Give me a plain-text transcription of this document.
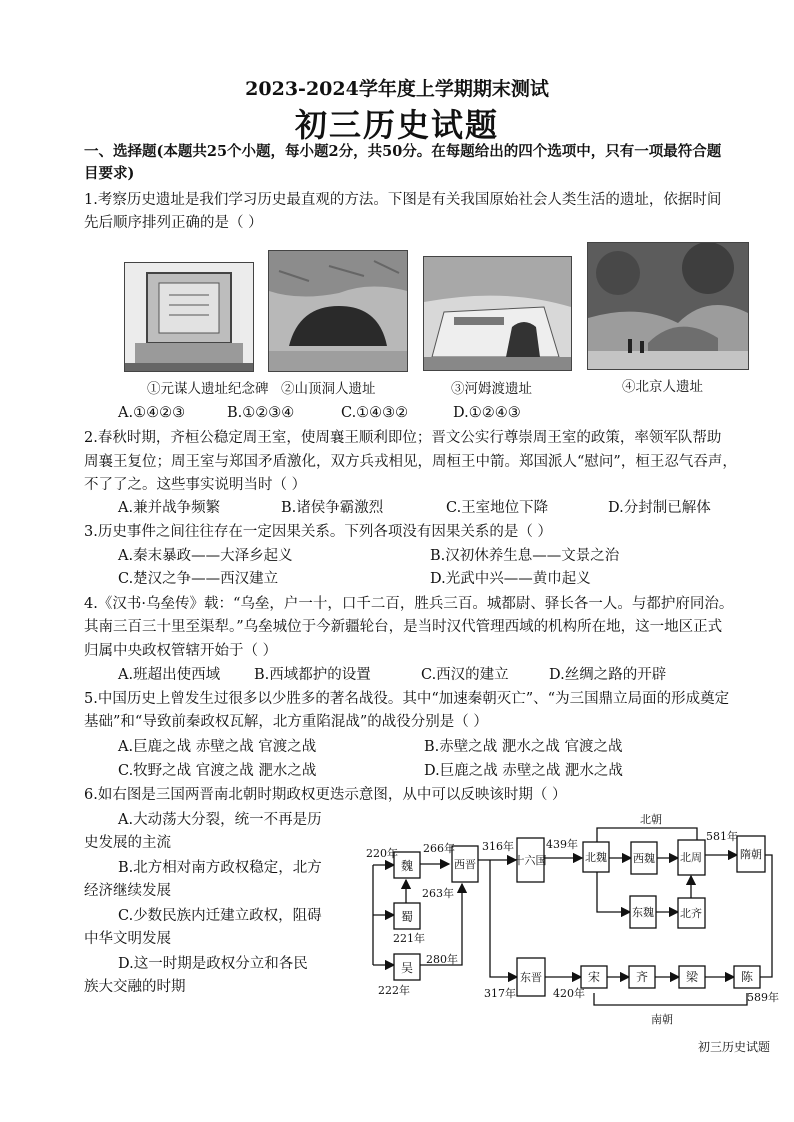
2023-2024学年度上学期期末测试
初三历史试题
一、选择题(本题共25个小题，每小题2分，共50分。在每题给出的四个选项中，只有一项最符合题
目要求)
1.考察历史遗址是我们学习历史最直观的方法。下图是有关我国原始社会人类生活的遗址，依据时间
先后顺序排列正确的是（ ）
①元谋人遗址纪念碑 ②山顶洞人遗址	③河姆渡遗址	④北京人遗址
A.①④②③	B.①②③④	C.①④③②	D.①②④③
2.春秋时期，齐桓公稳定周王室，使周襄王顺利即位；晋文公实行尊崇周王室的政策，率领军队帮助
周襄王复位；周王室与郑国矛盾激化，双方兵戎相见，周桓王中箭。郑国派人“慰问”，桓王忍气吞声，
不了了之。这些事实说明当时（ ）
A.兼并战争频繁	B.诸侯争霸激烈	C.王室地位下降	D.分封制已解体
3.历史事件之间往往存在一定因果关系。下列各项没有因果关系的是（ ）
A.秦末暴政——大泽乡起义	B.汉初休养生息——文景之治
C.楚汉之争——西汉建立	D.光武中兴——黄巾起义
4.《汉书·乌垒传》载：“乌垒，户一十，口千二百，胜兵三百。城都尉、驿长各一人。与都护府同治。
其南三百三十里至渠犁。”乌垒城位于今新疆轮台，是当时汉代管理西域的机构所在地，这一地区正式
归属中央政权管辖开始于（ ）
A.班超出使西域 B.西域都护的设置	C.西汉的建立	D.丝绸之路的开辟
5.中国历史上曾发生过很多以少胜多的著名战役。其中“加速秦朝灭亡”、“为三国鼎立局面的形成奠定
基础”和“导致前秦政权瓦解，北方重陷混战”的战役分别是（ ）
A.巨鹿之战 赤壁之战 官渡之战	B.赤壁之战 淝水之战 官渡之战
C.牧野之战 官渡之战 淝水之战	D.巨鹿之战 赤壁之战 淝水之战
6.如右图是三国两晋南北朝时期政权更迭示意图，从中可以反映该时期（ ）
A.大动荡大分裂，统一不再是历
史发展的主流
B.北方相对南方政权稳定，北方
经济继续发展
C.少数民族内迁建立政权，阻碍
中华文明发展
D.这一时期是政权分立和各民
族大交融的时期
魏
蜀
吴
西晋	十六国
东晋
北魏 西魏
东魏
北周
北齐
隋朝
宋	齐	梁	陈
北朝
南朝
220年
263年
221年
222年
266年
280年
316年
317年
439年
420年
581年
589年
初三历史试题
